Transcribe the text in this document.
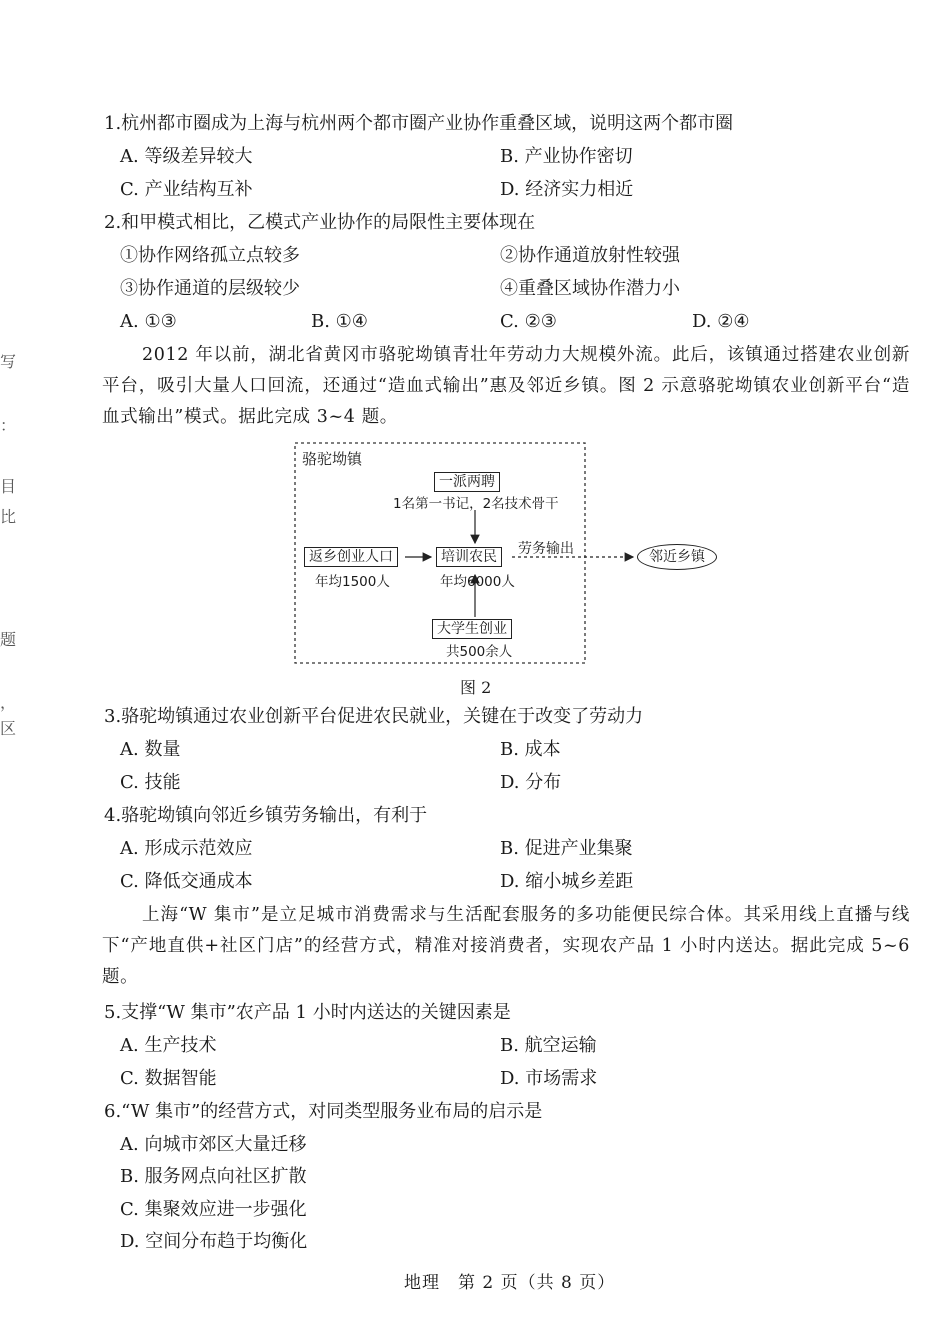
写
：
目
比
题
，
区
1.杭州都市圈成为上海与杭州两个都市圈产业协作重叠区域，说明这两个都市圈
A. 等级差异较大	B. 产业协作密切
C. 产业结构互补	D. 经济实力相近
2.和甲模式相比，乙模式产业协作的局限性主要体现在
①协作网络孤立点较多	②协作通道放射性较强
③协作通道的层级较少	④重叠区域协作潜力小
A. ①③	B. ①④	C. ②③	D. ②④
2012 年以前，湖北省黄冈市骆驼坳镇青壮年劳动力大规模外流。此后，该镇通过搭建农业创新平台，吸引大量人口回流，还通过“造血式输出”惠及邻近乡镇。图 2 示意骆驼坳镇农业创新平台“造血式输出”模式。据此完成 3~4 题。
骆驼坳镇
一派两聘
1名第一书记，2名技术骨干
返乡创业人口
年均1500人
培训农民
年均6000人
大学生创业
共500余人
劳务输出	邻近乡镇
图 2
3.骆驼坳镇通过农业创新平台促进农民就业，关键在于改变了劳动力
A. 数量	B. 成本
C. 技能	D. 分布
4.骆驼坳镇向邻近乡镇劳务输出，有利于
A. 形成示范效应	B. 促进产业集聚
C. 降低交通成本	D. 缩小城乡差距
上海“W 集市”是立足城市消费需求与生活配套服务的多功能便民综合体。其采用线上直播与线下“产地直供+社区门店”的经营方式，精准对接消费者，实现农产品 1 小时内送达。据此完成 5~6 题。
5.支撑“W 集市”农产品 1 小时内送达的关键因素是
A. 生产技术	B. 航空运输
C. 数据智能	D. 市场需求
6.“W 集市”的经营方式，对同类型服务业布局的启示是
A. 向城市郊区大量迁移
B. 服务网点向社区扩散
C. 集聚效应进一步强化
D. 空间分布趋于均衡化
地理　第 2 页（共 8 页）
